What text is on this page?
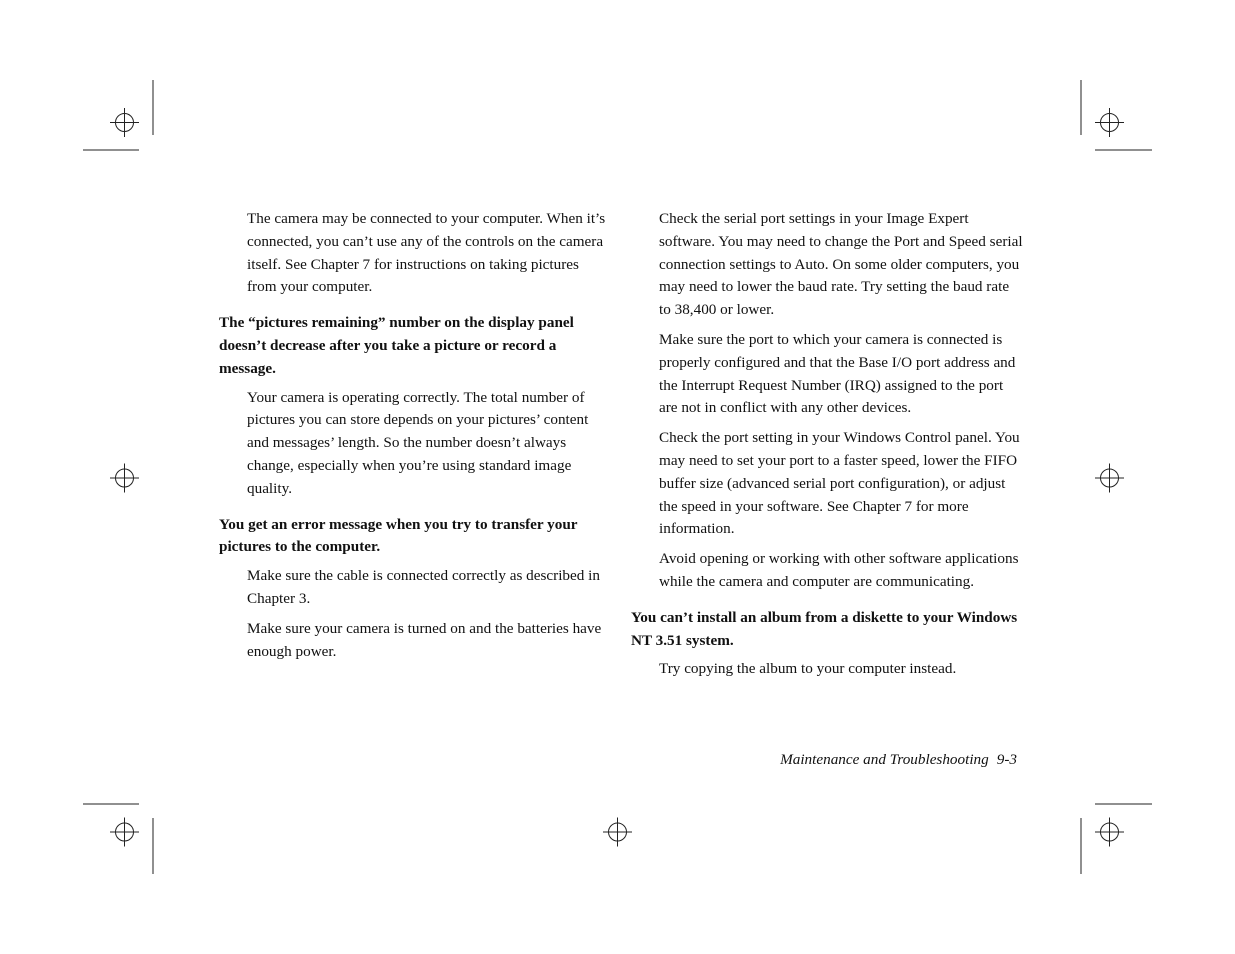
The camera may be connected to your computer. When it’s connected, you can’t use any of the controls on the camera itself. See Chapter 7 for instructions on taking pictures from your computer.

The “pictures remaining” number on the display panel doesn’t decrease after you take a picture or record a message.

Your camera is operating correctly. The total number of pictures you can store depends on your pictures’ content and messages’ length. So the number doesn’t always change, especially when you’re using standard image quality.

You get an error message when you try to transfer your pictures to the computer.

Make sure the cable is connected correctly as described in Chapter 3.

Make sure your camera is turned on and the batteries have enough power.

Check the serial port settings in your Image Expert software. You may need to change the Port and Speed serial connection settings to Auto. On some older computers, you may need to lower the baud rate. Try setting the baud rate to 38,400 or lower.

Make sure the port to which your camera is connected is properly configured and that the Base I/O port address and the Interrupt Request Number (IRQ) assigned to the port are not in conflict with any other devices.

Check the port setting in your Windows Control panel. You may need to set your port to a faster speed, lower the FIFO buffer size (advanced serial port configuration), or adjust the speed in your software. See Chapter 7 for more information.

Avoid opening or working with other software applications while the camera and computer are communicating.

You can’t install an album from a diskette to your Windows NT 3.51 system.

Try copying the album to your computer instead.

Maintenance and Troubleshooting 9-3
